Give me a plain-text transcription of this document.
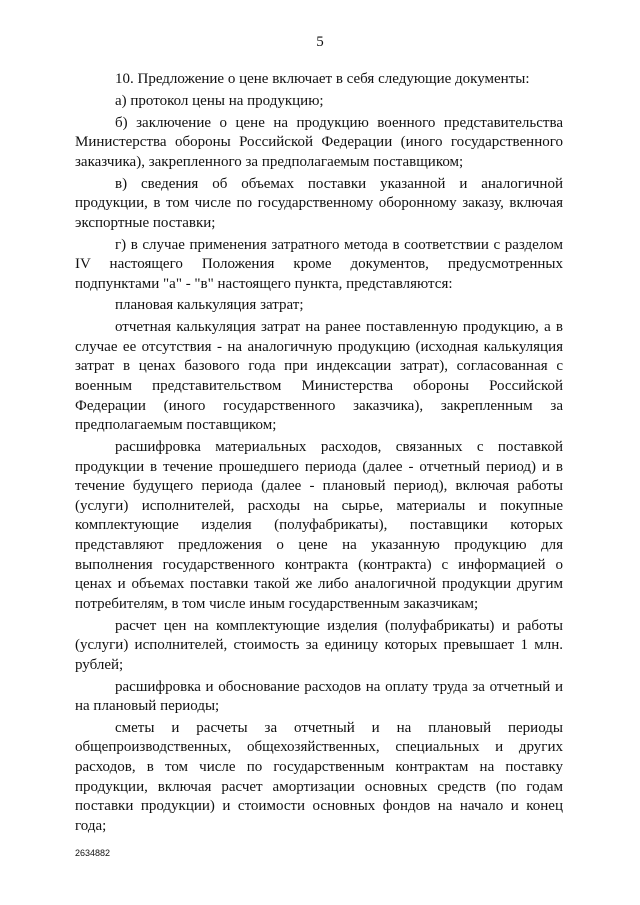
5

10. Предложение о цене включает в себя следующие документы:

а) протокол цены на продукцию;

б) заключение о цене на продукцию военного представительства Министерства обороны Российской Федерации (иного государственного заказчика), закрепленного за предполагаемым поставщиком;

в) сведения об объемах поставки указанной и аналогичной продукции, в том числе по государственному оборонному заказу, включая экспортные поставки;

г) в случае применения затратного метода в соответствии с разделом IV настоящего Положения кроме документов, предусмотренных подпунктами "а" - "в" настоящего пункта, представляются:

плановая калькуляция затрат;

отчетная калькуляция затрат на ранее поставленную продукцию, а в случае ее отсутствия - на аналогичную продукцию (исходная калькуляция затрат в ценах базового года при индексации затрат), согласованная с военным представительством Министерства обороны Российской Федерации (иного государственного заказчика), закрепленным за предполагаемым поставщиком;

расшифровка материальных расходов, связанных с поставкой продукции в течение прошедшего периода (далее - отчетный период) и в течение будущего периода (далее - плановый период), включая работы (услуги) исполнителей, расходы на сырье, материалы и покупные комплектующие изделия (полуфабрикаты), поставщики которых представляют предложения о цене на указанную продукцию для выполнения государственного контракта (контракта) с информацией о ценах и объемах поставки такой же либо аналогичной продукции другим потребителям, в том числе иным государственным заказчикам;

расчет цен на комплектующие изделия (полуфабрикаты) и работы (услуги) исполнителей, стоимость за единицу которых превышает 1 млн. рублей;

расшифровка и обоснование расходов на оплату труда за отчетный и на плановый периоды;

сметы и расчеты за отчетный и на плановый периоды общепроизводственных, общехозяйственных, специальных и других расходов, в том числе по государственным контрактам на поставку продукции, включая расчет амортизации основных средств (по годам поставки продукции) и стоимости основных фондов на начало и конец года;

2634882
